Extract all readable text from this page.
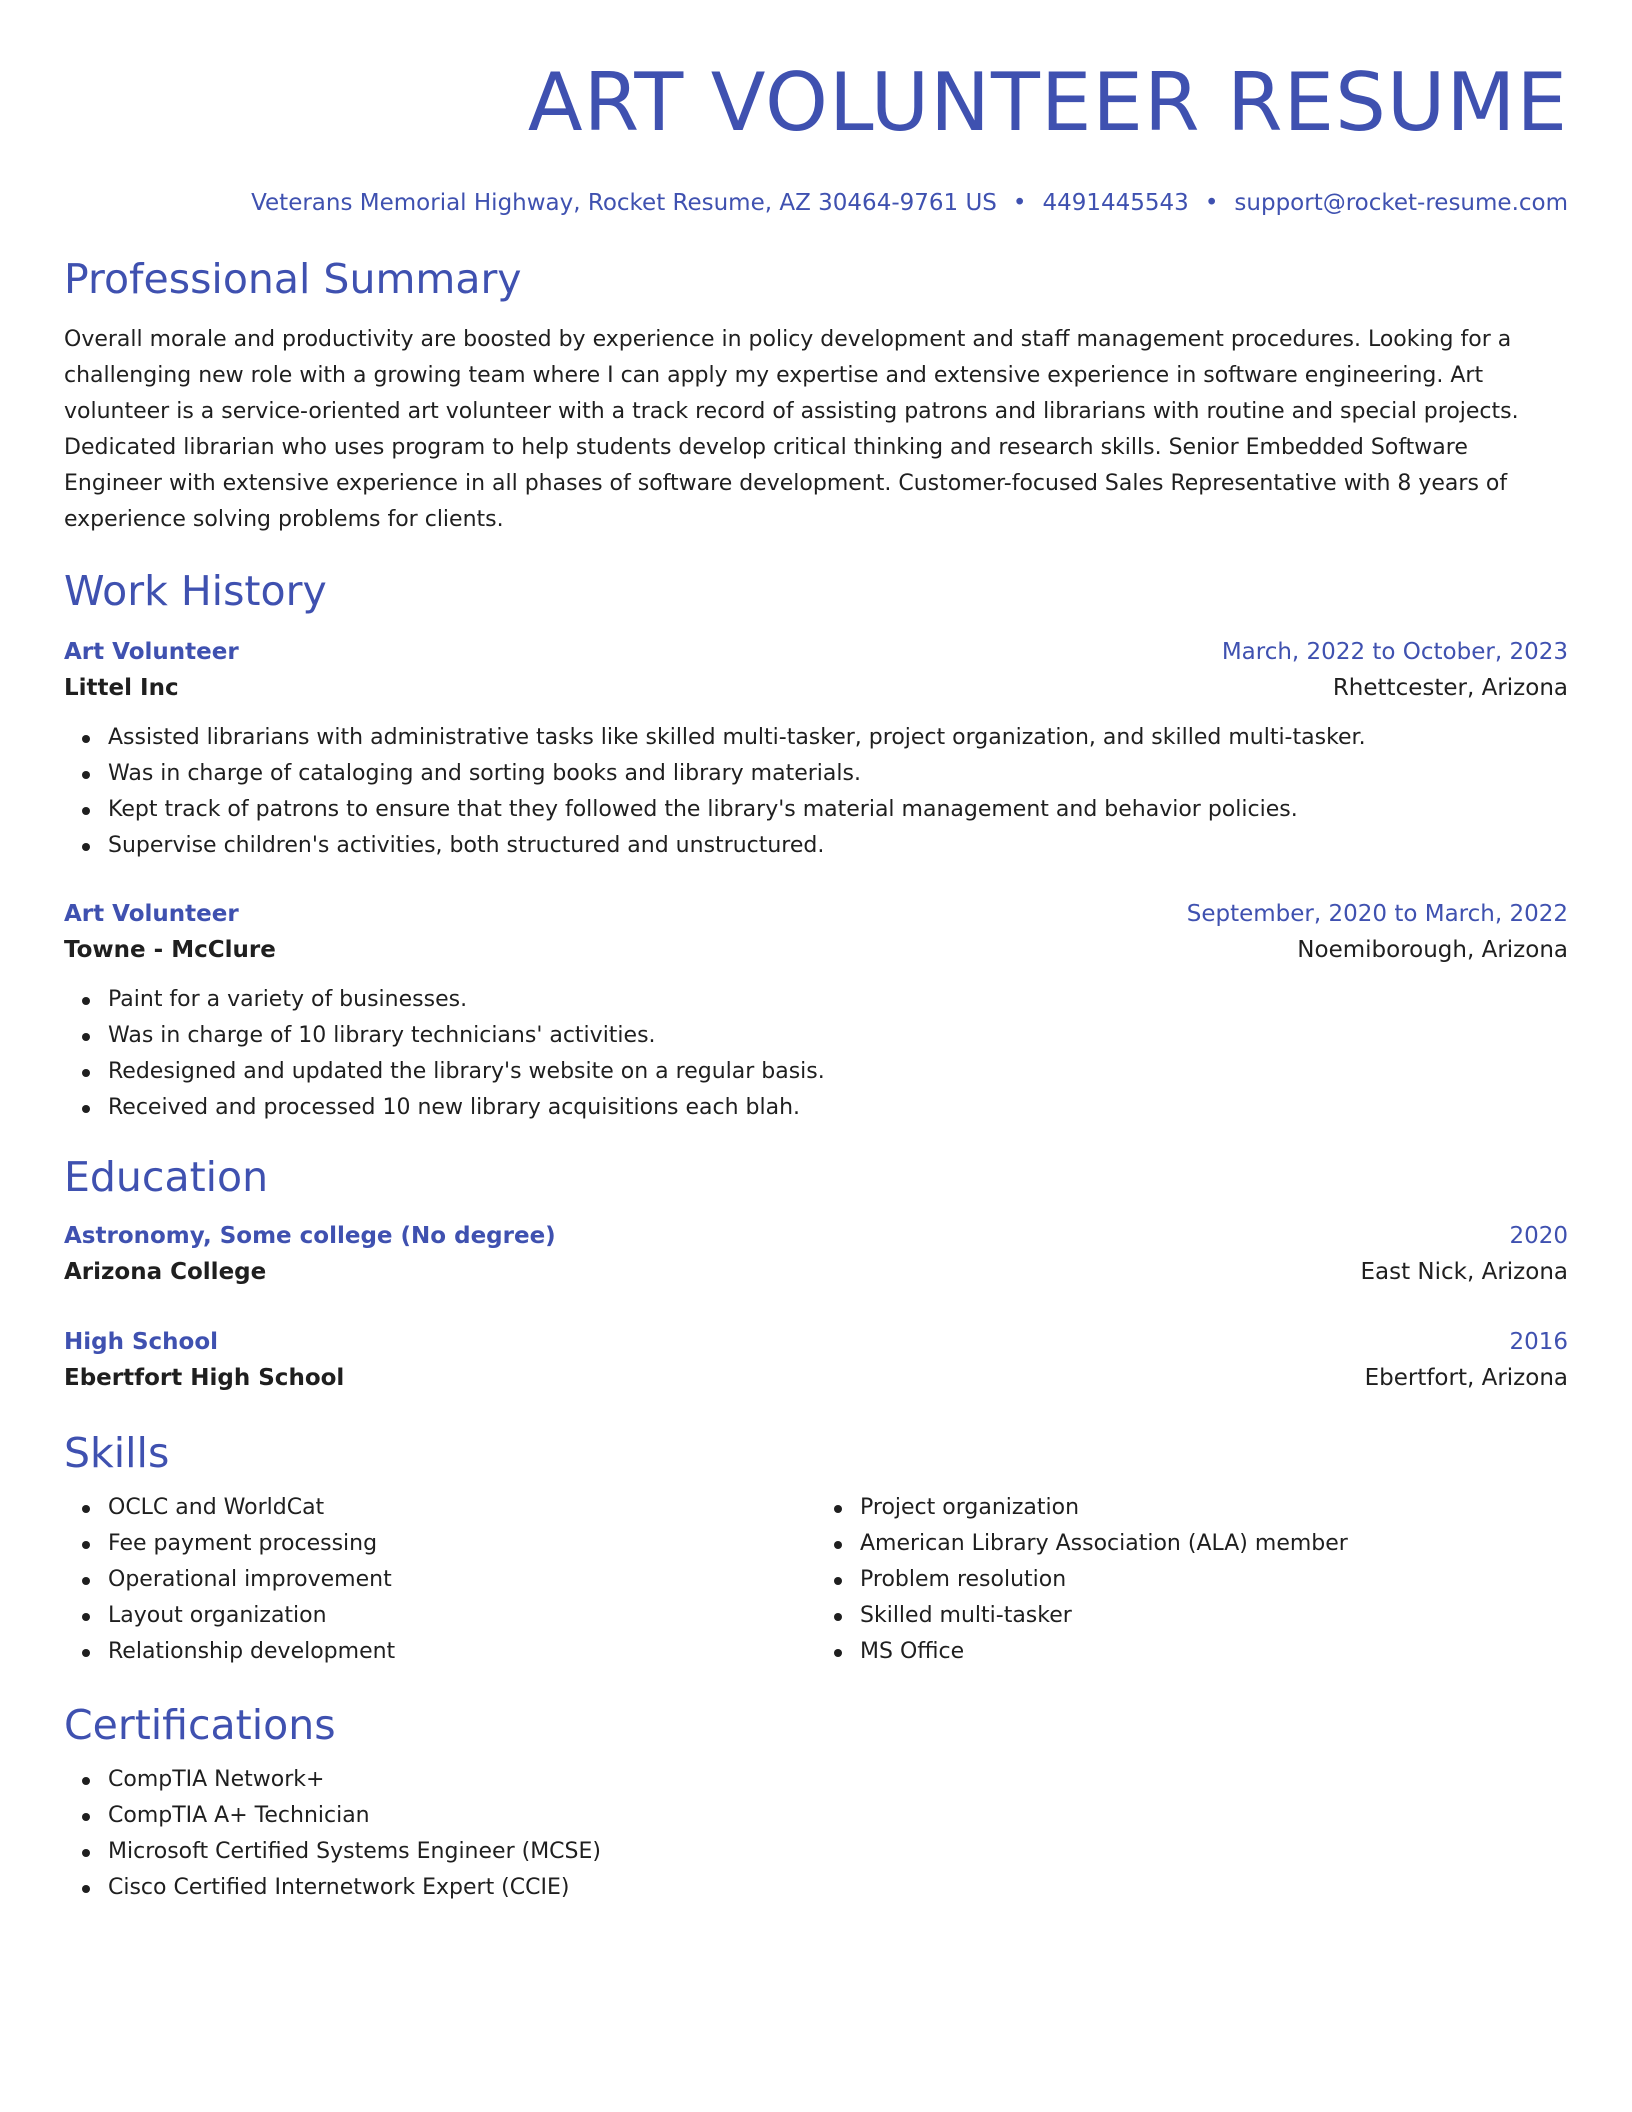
ART VOLUNTEER RESUME
Veterans Memorial Highway, Rocket Resume, AZ 30464-9761 US • 4491445543 • support@rocket-resume.com
Professional Summary
Overall morale and productivity are boosted by experience in policy development and staff management procedures. Looking for a challenging new role with a growing team where I can apply my expertise and extensive experience in software engineering. Art volunteer is a service-oriented art volunteer with a track record of assisting patrons and librarians with routine and special projects. Dedicated librarian who uses program to help students develop critical thinking and research skills. Senior Embedded Software Engineer with extensive experience in all phases of software development. Customer-focused Sales Representative with 8 years of experience solving problems for clients.
Work History
Art Volunteer	March, 2022 to October, 2023
Littel Inc	Rhettcester, Arizona
Assisted librarians with administrative tasks like skilled multi-tasker, project organization, and skilled multi-tasker.
Was in charge of cataloging and sorting books and library materials.
Kept track of patrons to ensure that they followed the library's material management and behavior policies.
Supervise children's activities, both structured and unstructured.
Art Volunteer	September, 2020 to March, 2022
Towne - McClure	Noemiborough, Arizona
Paint for a variety of businesses.
Was in charge of 10 library technicians' activities.
Redesigned and updated the library's website on a regular basis.
Received and processed 10 new library acquisitions each blah.
Education
Astronomy, Some college (No degree)	2020
Arizona College	East Nick, Arizona
High School	2016
Ebertfort High School	Ebertfort, Arizona
Skills
OCLC and WorldCat
Fee payment processing
Operational improvement
Layout organization
Relationship development
Project organization
American Library Association (ALA) member
Problem resolution
Skilled multi-tasker
MS Office
Certifications
CompTIA Network+
CompTIA A+ Technician
Microsoft Certified Systems Engineer (MCSE)
Cisco Certified Internetwork Expert (CCIE)
